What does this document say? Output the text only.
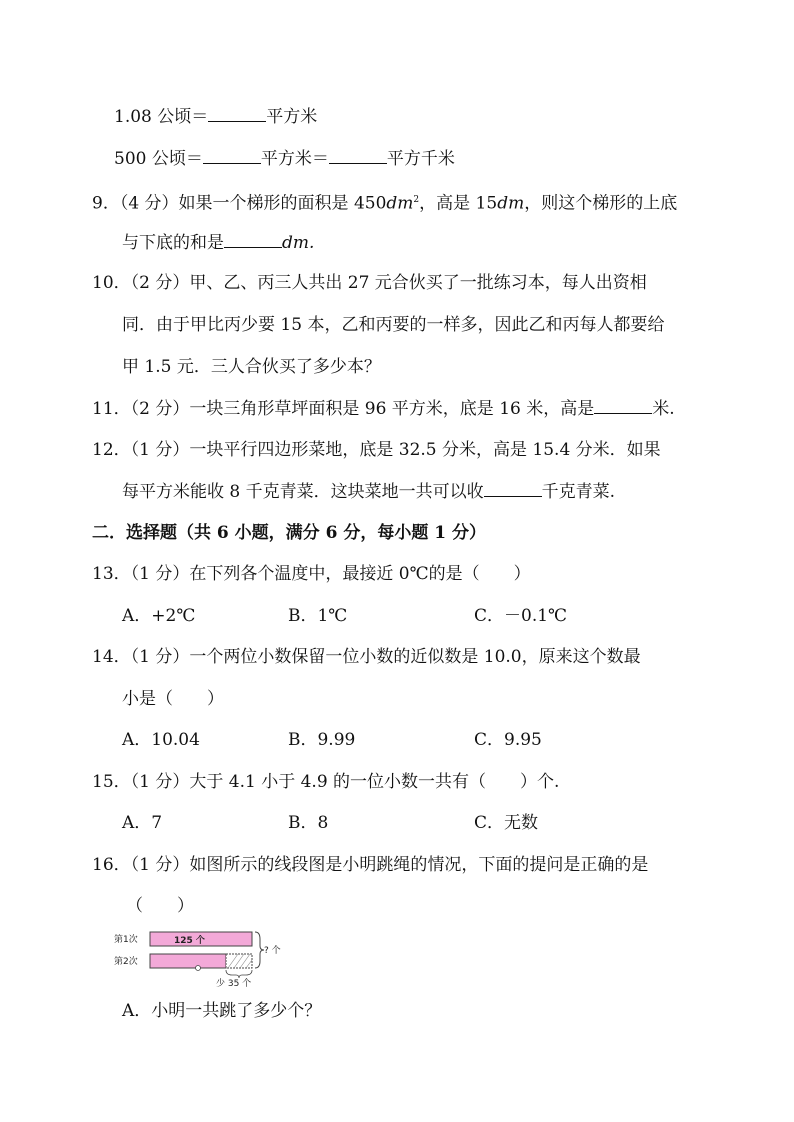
1.08 公顷＝	平方米
500 公顷＝	平方米＝	平方千米
9．（4 分）如果一个梯形的面积是 $450dm^2$，高是 15dm，则这个梯形的上底
与下底的和是	dm.
10．（2 分）甲、乙、丙三人共出 27 元合伙买了一批练习本，每人出资相
同．由于甲比丙少要 15 本，乙和丙要的一样多，因此乙和丙每人都要给
甲 1.5 元．三人合伙买了多少本？
11．（2 分）一块三角形草坪面积是 96 平方米，底是 16 米，高是	米.
12．（1 分）一块平行四边形菜地，底是 32.5 分米，高是 15.4 分米．如果
每平方米能收 8 千克青菜．这块菜地一共可以收	千克青菜.
二．选择题（共 6 小题，满分 6 分，每小题 1 分）
13．（1 分）在下列各个温度中，最接近 0℃的是（　　）
A．+2℃	B．1℃	C．－0.1℃
14．（1 分）一个两位小数保留一位小数的近似数是 10.0，原来这个数最
小是（　　）
A．10.04	B．9.99	C．9.95
15．（1 分）大于 4.1 小于 4.9 的一位小数一共有（　　）个.
A．7	B．8	C．无数
16．（1 分）如图所示的线段图是小明跳绳的情况，下面的提问是正确的是
（　　）
第1次	125 个
第2次
? 个
少 35 个
A．小明一共跳了多少个？
